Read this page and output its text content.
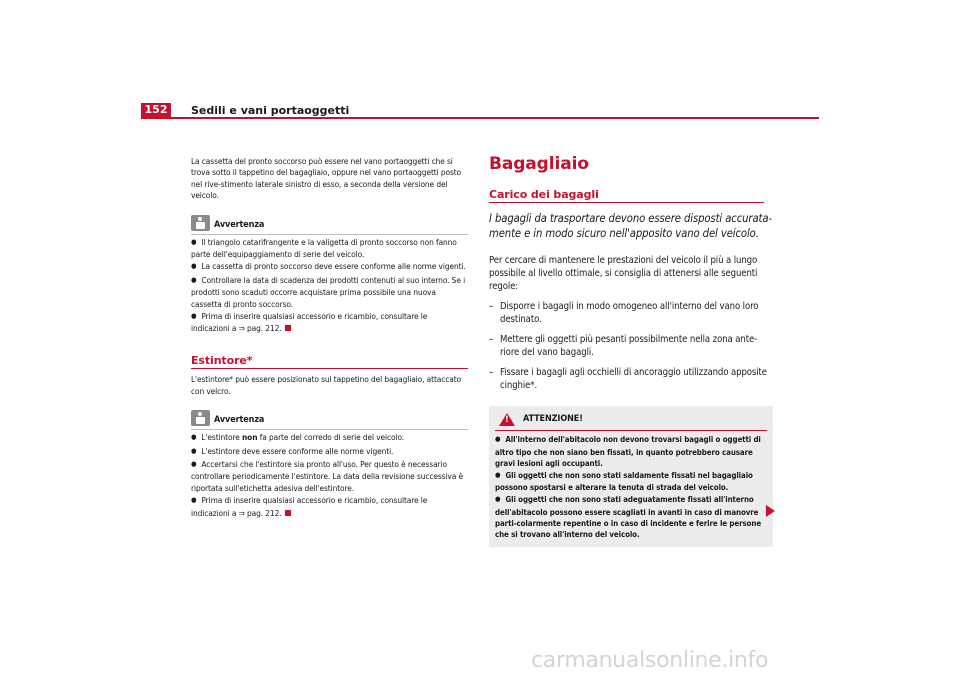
152	Sedili e vani portaoggetti

La cassetta del pronto soccorso può essere nel vano portaoggetti che si trova sotto il tappetino del bagagliaio, oppure nel vano portaoggetti posto nel rive-stimento laterale sinistro di esso, a seconda della versione del veicolo.

Avvertenza

● Il triangolo catarifrangente e la valigetta di pronto soccorso non fanno parte dell'equipaggiamento di serie del veicolo.

● La cassetta di pronto soccorso deve essere conforme alle norme vigenti.

● Controllare la data di scadenza dei prodotti contenuti al suo interno. Se i prodotti sono scaduti occorre acquistare prima possibile una nuova cassetta di pronto soccorso.

● Prima di inserire qualsiasi accessorio e ricambio, consultare le indicazioni a ⇒ pag. 212.

Estintore*

L'estintore* può essere posizionato sul tappetino del bagagliaio, attaccato con velcro.

Avvertenza

● L'estintore non fa parte del corredo di serie del veicolo.

● L'estintore deve essere conforme alle norme vigenti.

● Accertarsi che l'estintore sia pronto all'uso. Per questo è necessario controllare periodicamente l'estintore. La data della revisione successiva è riportata sull'etichetta adesiva dell'estintore.

● Prima di inserire qualsiasi accessorio e ricambio, consultare le indicazioni a ⇒ pag. 212.

Bagagliaio
Carico dei bagagli

I bagagli da trasportare devono essere disposti accurata-mente e in modo sicuro nell'apposito vano del veicolo.

Per cercare di mantenere le prestazioni del veicolo il più a lungo possibile al livello ottimale, si consiglia di attenersi alle seguenti regole:

– Disporre i bagagli in modo omogeneo all'interno del vano loro destinato.

– Mettere gli oggetti più pesanti possibilmente nella zona ante-riore del vano bagagli.

– Fissare i bagagli agli occhielli di ancoraggio utilizzando apposite cinghie*.

!
ATTENZIONE!

● All'interno dell'abitacolo non devono trovarsi bagagli o oggetti di altro tipo che non siano ben fissati, in quanto potrebbero causare gravi lesioni agli occupanti.

● Gli oggetti che non sono stati saldamente fissati nel bagagliaio possono spostarsi e alterare la tenuta di strada del veicolo.

● Gli oggetti che non sono stati adeguatamente fissati all'interno dell'abitacolo possono essere scagliati in avanti in caso di manovre parti-colarmente repentine o in caso di incidente e ferire le persone che si trovano all'interno del veicolo.

carmanualsonline.info
